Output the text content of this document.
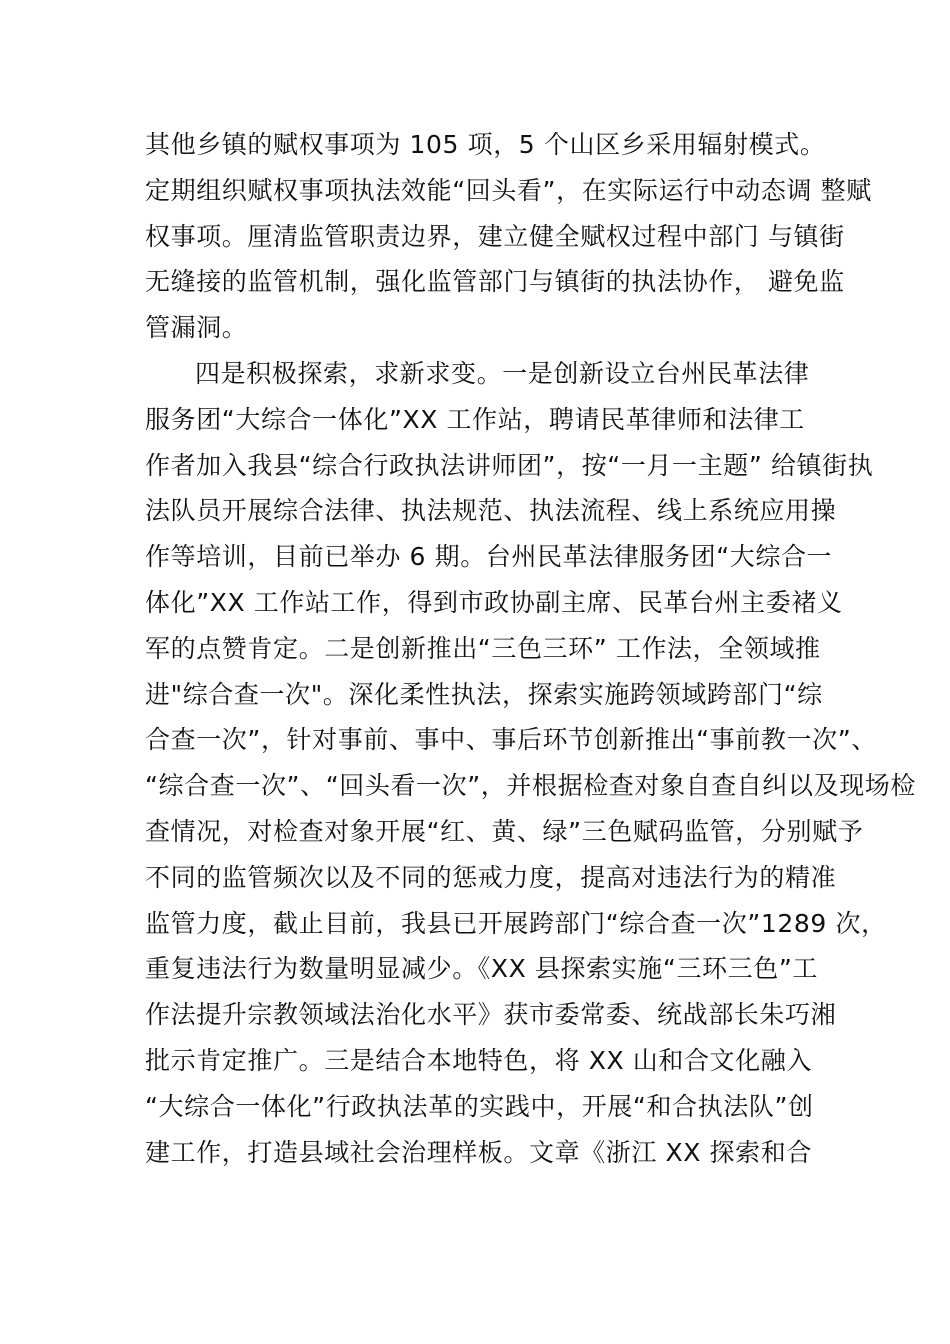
其他乡镇的赋权事项为 105 项，5 个山区乡采用辐射模式。
定期组织赋权事项执法效能“回头看”，在实际运行中动态调 整赋
权事项。厘清监管职责边界，建立健全赋权过程中部门 与镇街
无缝接的监管机制，强化监管部门与镇街的执法协作， 避免监
管漏洞。
四是积极探索，求新求变。一是创新设立台州民革法律
服务团“大综合一体化”XX 工作站，聘请民革律师和法律工
作者加入我县“综合行政执法讲师团”，按“一月一主题” 给镇街执
法队员开展综合法律、执法规范、执法流程、线上系统应用操
作等培训，目前已举办 6 期。台州民革法律服务团“大综合一
体化”XX 工作站工作，得到市政协副主席、民革台州主委褚义
军的点赞肯定。二是创新推出“三色三环” 工作法，全领域推
进"综合查一次"。深化柔性执法，探索实施跨领域跨部门“综
合查一次”，针对事前、事中、事后环节创新推出“事前教一次”、
“综合查一次”、“回头看一次”，并根据检查对象自查自纠以及现场检
查情况，对检查对象开展“红、黄、绿”三色赋码监管，分别赋予
不同的监管频次以及不同的惩戒力度，提高对违法行为的精准
监管力度，截止目前，我县已开展跨部门“综合查一次”1289 次，
重复违法行为数量明显减少。《XX 县探索实施“三环三色”工
作法提升宗教领域法治化水平》获市委常委、统战部长朱巧湘
批示肯定推广。三是结合本地特色，将 XX 山和合文化融入
“大综合一体化”行政执法革的实践中，开展“和合执法队”创
建工作，打造县域社会治理样板。文章《浙江 XX 探索和合
